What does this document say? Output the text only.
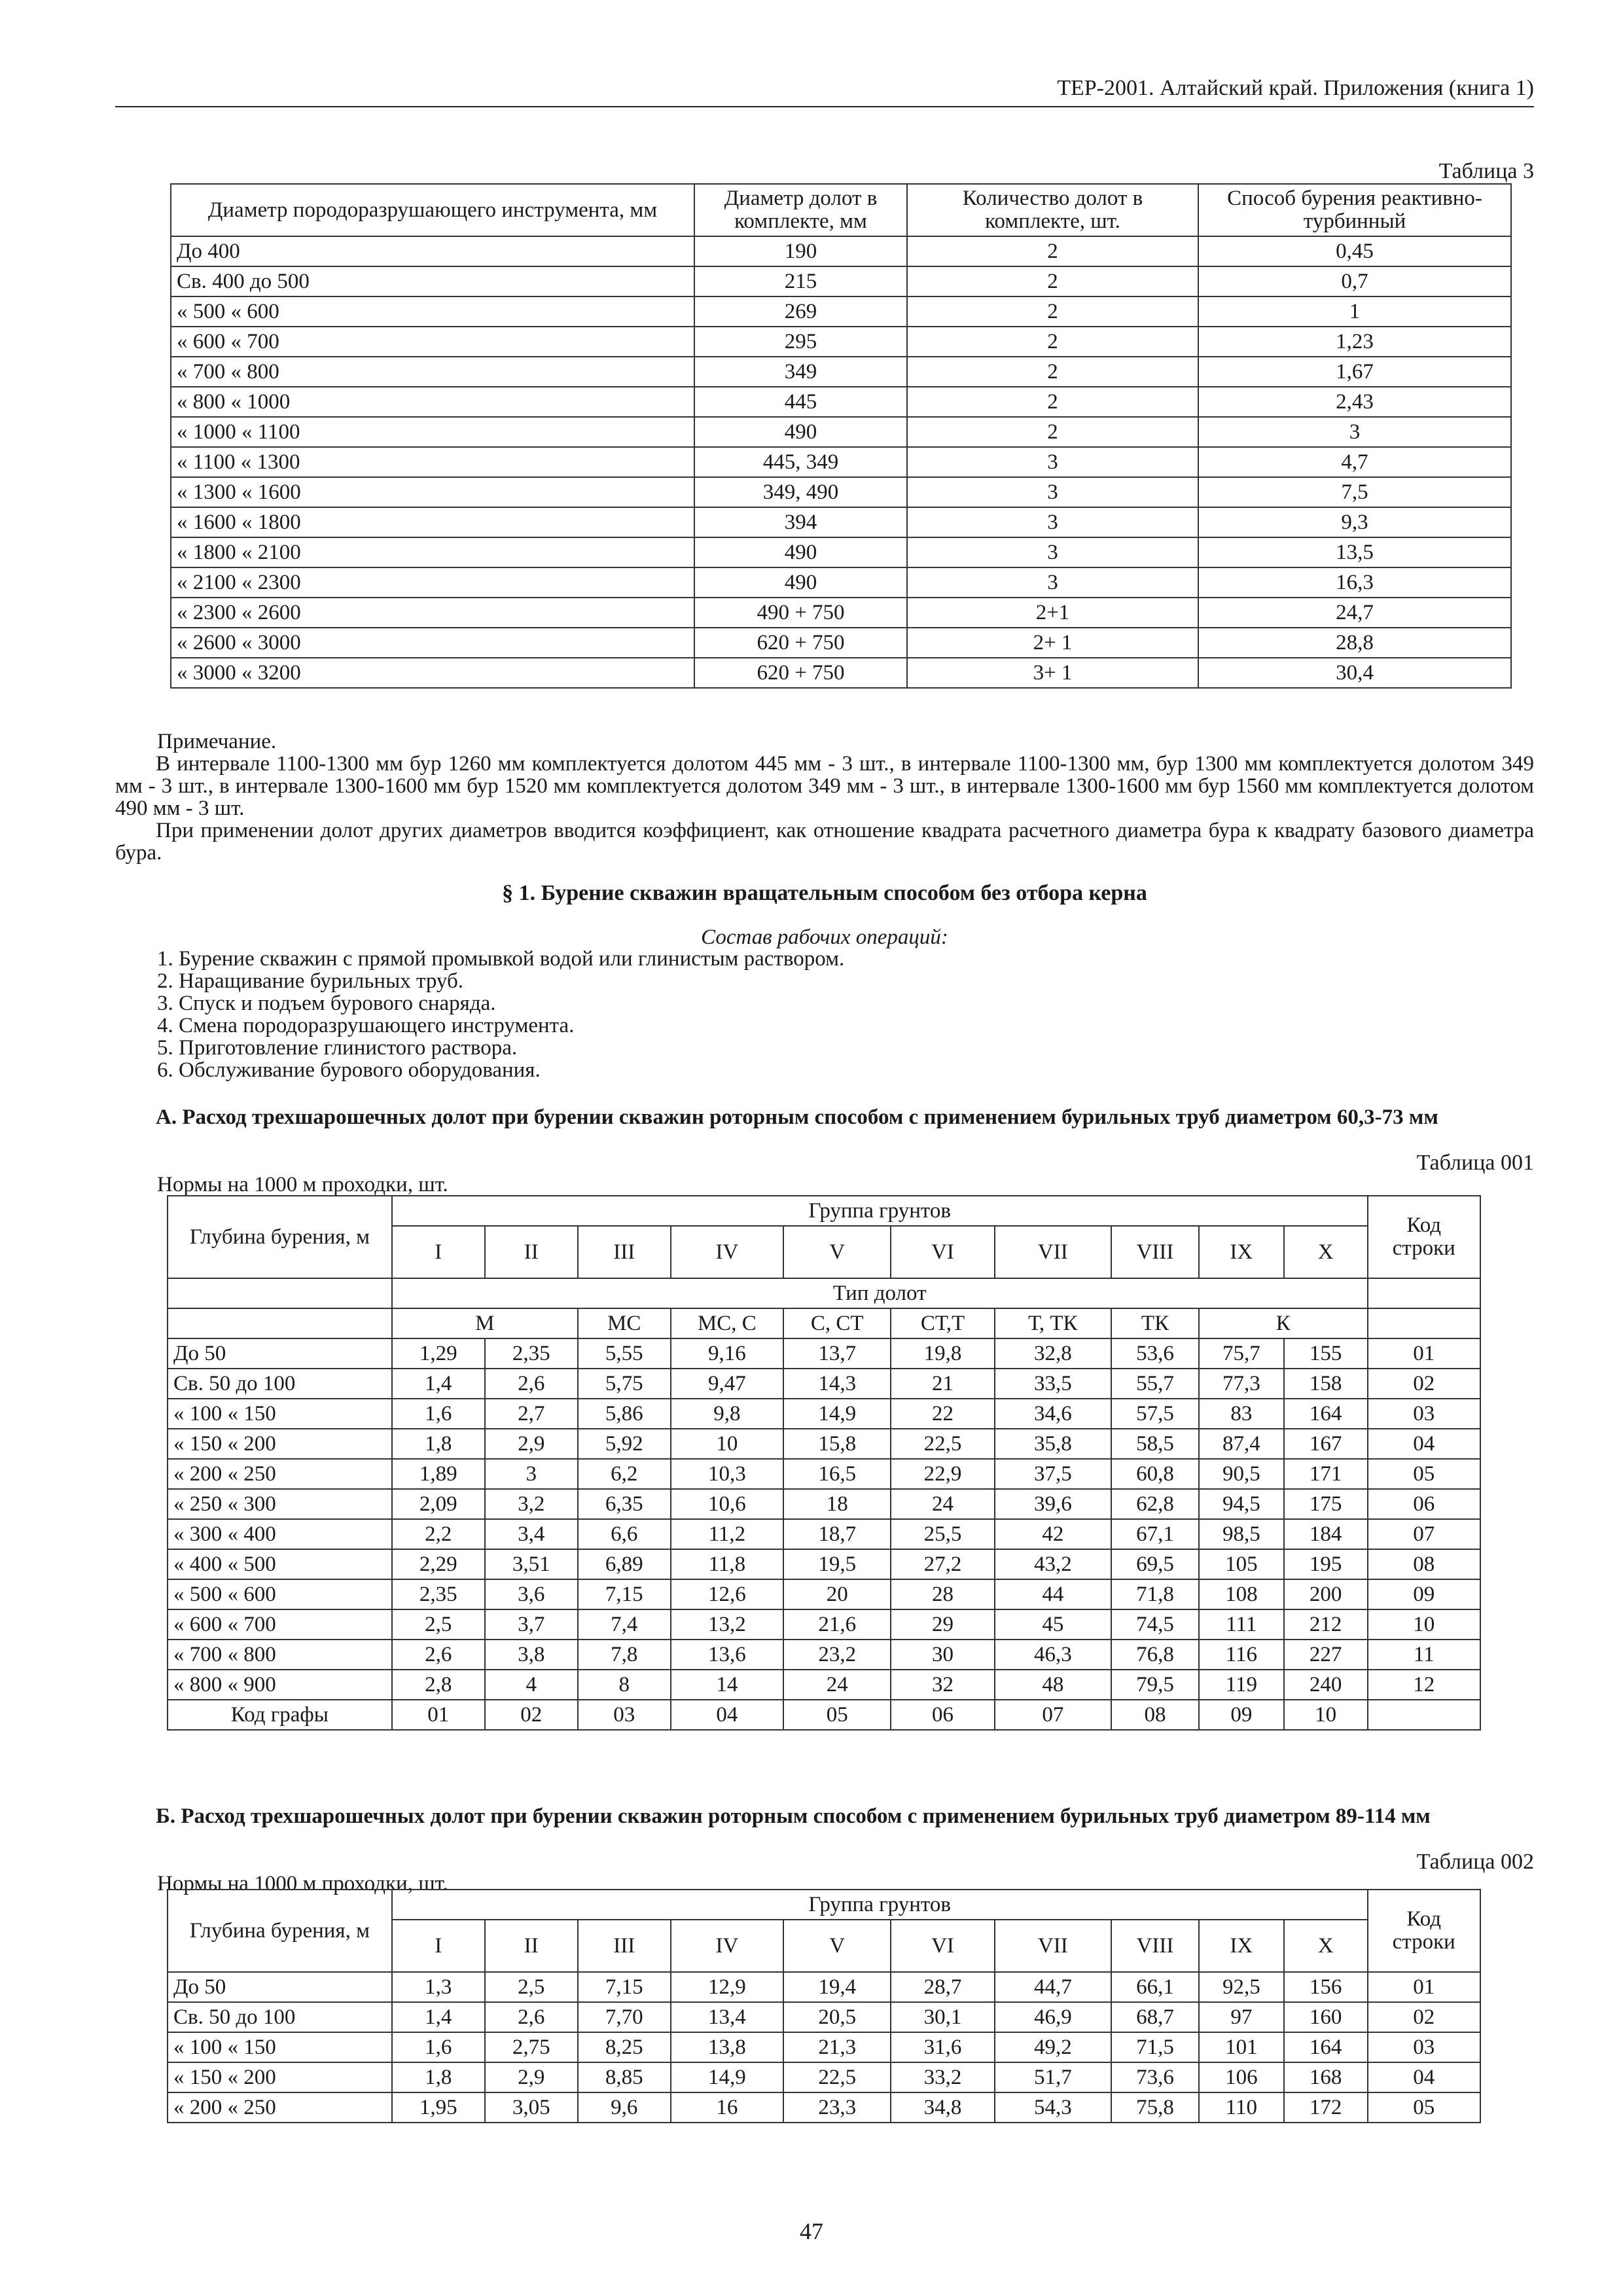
ТЕР-2001. Алтайский край. Приложения (книга 1)
Таблица 3
Диаметр породоразрушающего инструмента, мм	Диаметр долот в комплекте, мм	Количество долот в комплекте, шт.	Способ бурения реактивно-турбинный
До 400	190	2	0,45
Св. 400 до 500	215	2	0,7
« 500 « 600	269	2	1
« 600 « 700	295	2	1,23
« 700 « 800	349	2	1,67
« 800 « 1000	445	2	2,43
« 1000 « 1100	490	2	3
« 1100 « 1300	445, 349	3	4,7
« 1300 « 1600	349, 490	3	7,5
« 1600 « 1800	394	3	9,3
« 1800 « 2100	490	3	13,5
« 2100 « 2300	490	3	16,3
« 2300 « 2600	490 + 750	2+1	24,7
« 2600 « 3000	620 + 750	2+ 1	28,8
« 3000 « 3200	620 + 750	3+ 1	30,4
Примечание.
В интервале 1100-1300 мм бур 1260 мм комплектуется долотом 445 мм - 3 шт., в интервале 1100-1300 мм, бур 1300 мм комплектуется долотом 349 мм - 3 шт., в интервале 1300-1600 мм бур 1520 мм комплектуется долотом 349 мм - 3 шт., в интервале 1300-1600 мм бур 1560 мм комплектуется долотом 490 мм - 3 шт.
При применении долот других диаметров вводится коэффициент, как отношение квадрата расчетного диаметра бура к квадрату базового диаметра бура.
§ 1. Бурение скважин вращательным способом без отбора керна
Состав рабочих операций:
1. Бурение скважин с прямой промывкой водой или глинистым раствором.
2. Наращивание бурильных труб.
3. Спуск и подъем бурового снаряда.
4. Смена породоразрушающего инструмента.
5. Приготовление глинистого раствора.
6. Обслуживание бурового оборудования.
А. Расход трехшарошечных долот при бурении скважин роторным способом с применением бурильных труб диаметром 60,3-73 мм
Таблица 001
Нормы на 1000 м проходки, шт.
Глубина бурения, м	Группа грунтов										Код строки
	I	II	III	IV	V	VI	VII	VIII	IX	X	
	Тип долот										
	М		МС	МС, С	С, СТ	СТ,Т	Т, ТК	ТК	К		
До 50	1,29	2,35	5,55	9,16	13,7	19,8	32,8	53,6	75,7	155	01
Св. 50 до 100	1,4	2,6	5,75	9,47	14,3	21	33,5	55,7	77,3	158	02
« 100 « 150	1,6	2,7	5,86	9,8	14,9	22	34,6	57,5	83	164	03
« 150 « 200	1,8	2,9	5,92	10	15,8	22,5	35,8	58,5	87,4	167	04
« 200 « 250	1,89	3	6,2	10,3	16,5	22,9	37,5	60,8	90,5	171	05
« 250 « 300	2,09	3,2	6,35	10,6	18	24	39,6	62,8	94,5	175	06
« 300 « 400	2,2	3,4	6,6	11,2	18,7	25,5	42	67,1	98,5	184	07
« 400 « 500	2,29	3,51	6,89	11,8	19,5	27,2	43,2	69,5	105	195	08
« 500 « 600	2,35	3,6	7,15	12,6	20	28	44	71,8	108	200	09
« 600 « 700	2,5	3,7	7,4	13,2	21,6	29	45	74,5	111	212	10
« 700 « 800	2,6	3,8	7,8	13,6	23,2	30	46,3	76,8	116	227	11
« 800 « 900	2,8	4	8	14	24	32	48	79,5	119	240	12
Код графы	01	02	03	04	05	06	07	08	09	10	
Б. Расход трехшарошечных долот при бурении скважин роторным способом с применением бурильных труб диаметром 89-114 мм
Таблица 002
Нормы на 1000 м проходки, шт.
Глубина бурения, м	Группа грунтов										Код строки
	I	II	III	IV	V	VI	VII	VIII	IX	X	
До 50	1,3	2,5	7,15	12,9	19,4	28,7	44,7	66,1	92,5	156	01
Св. 50 до 100	1,4	2,6	7,70	13,4	20,5	30,1	46,9	68,7	97	160	02
« 100 « 150	1,6	2,75	8,25	13,8	21,3	31,6	49,2	71,5	101	164	03
« 150 « 200	1,8	2,9	8,85	14,9	22,5	33,2	51,7	73,6	106	168	04
« 200 « 250	1,95	3,05	9,6	16	23,3	34,8	54,3	75,8	110	172	05
47
